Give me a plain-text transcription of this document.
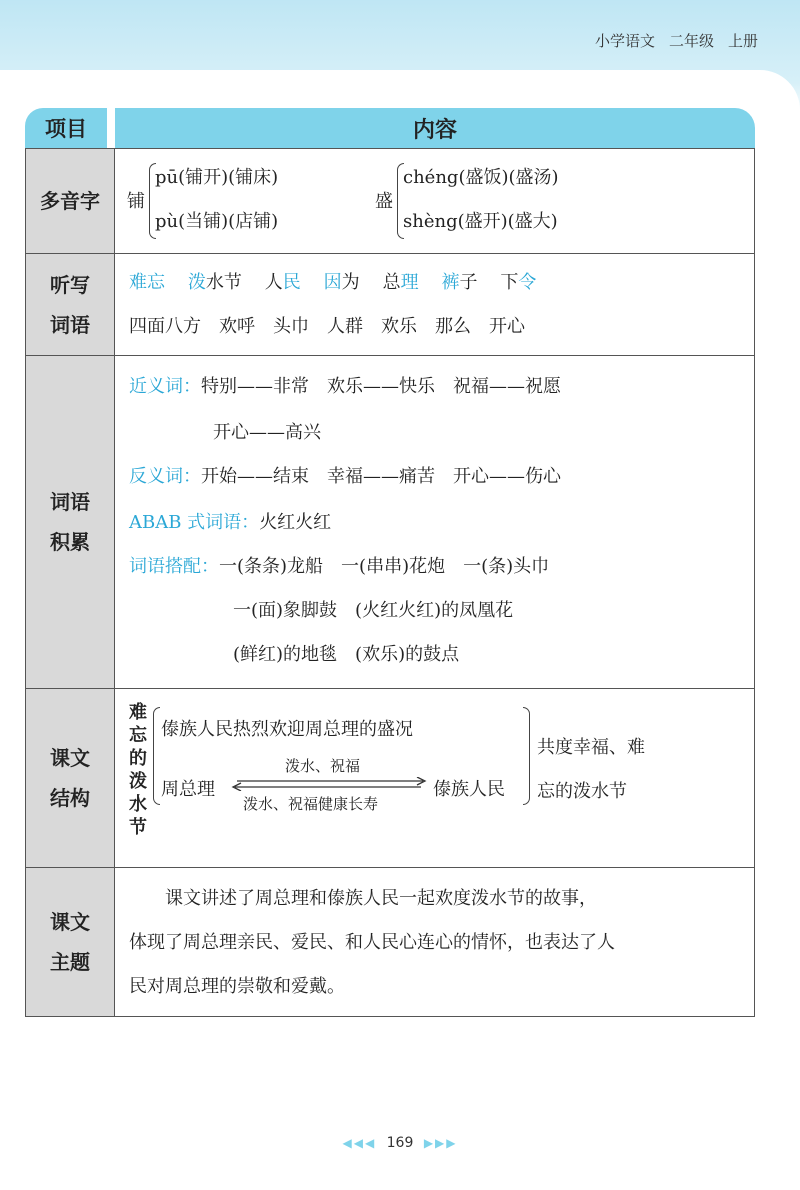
小学语文 二年级 上册
项目	内容
多音字	铺
pū(铺开)(铺床)
pù(当铺)(店铺)
盛
chéng(盛饭)(盛汤)
shèng(盛开)(盛大)
听写
词语
难忘 泼水节 人民 因为 总理 裤子 下令
四面八方　欢呼　头巾　人群　欢乐　那么　开心
词语
积累
近义词：特别——非常　欢乐——快乐　祝福——祝愿
开心——高兴
反义词：开始——结束　幸福——痛苦　开心——伤心
ABAB 式词语：火红火红
词语搭配：一(条条)龙船　一(串串)花炮　一(条)头巾
一(面)象脚鼓　(火红火红)的凤凰花
(鲜红)的地毯　(欢乐)的鼓点
课文
结构
难
忘
的
泼
水
节
傣族人民热烈欢迎周总理的盛况
周总理
泼水、祝福
泼水、祝福健康长寿
傣族人民
共度幸福、难
忘的泼水节
课文
主题
课文讲述了周总理和傣族人民一起欢度泼水节的故事，
体现了周总理亲民、爱民、和人民心连心的情怀，也表达了人
民对周总理的崇敬和爱戴。
◀◀◀ 169 ▶▶▶
